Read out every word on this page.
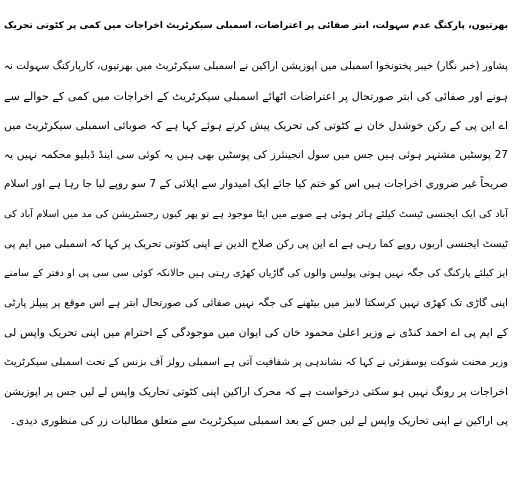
بھرتیوں، پارکنگ عدم سہولت، ابتر صفائی پر اعتراضات، اسمبلی سیکرٹریٹ اخراجات میں کمی پر کٹوتی تحریک
پشاور (خبر نگار) خیبر پختونخوا اسمبلی میں اپوزیشن اراکین نے اسمبلی سیکرٹریٹ میں بھرتیوں، کارپارکنگ سہولت نہ
ہونے اور صفائی کی ابتر صورتحال پر اعتراضات اٹھائے اسمبلی سیکرٹریٹ کے اخراجات میں کمی کے حوالے سے
اے این پی کے رکن خوشدل خان نے کٹوتی کی تحریک پیش کرتے ہوئے کہا ہے کہ صوبائی اسمبلی سیکرٹریٹ میں
27 پوسٹیں مشتہر ہوئی ہیں جس میں سول انجینئرز کی پوسٹیں بھی ہیں یہ کوئی سی اینڈ ڈبلیو محکمہ نہیں یہ
صریحاً غیر ضروری اخراجات ہیں اس کو ختم کیا جائے ایک امیدوار سے اپلائی کے 7 سو روپے لیا جا رہا ہے اور اسلام
آباد کی ایک ایجنسی ٹیسٹ کیلئے ہائر ہوئی ہے صوبے میں ایٹا موجود ہے تو پھر کیوں رجسٹریشن کی مد میں اسلام آباد کی
ٹیسٹ ایجنسی اربوں روپے کما رہی ہے اے این پی رکن صلاح الدین نے اپنی کٹوتی تحریک پر کہا کہ اسمبلی میں ایم پی
ایز کیلئے پارکنگ کی جگہ نہیں ہوتی پولیس والوں کی گاڑیاں کھڑی رہتی ہیں حالانکہ کوئی سی سی پی او دفتر کے سامنے
اپنی گاڑی تک کھڑی نہیں کرسکتا لابیز میں بیٹھنے کی جگہ نہیں صفائی کی صورتحال ابتر ہے اس موقع پر پیپلز پارٹی
کے ایم پی اے احمد کنڈی نے وزیر اعلیٰ محمود خان کی ایوان میں موجودگی کے احترام میں اپنی تحریک واپس لی
وزیر محنت شوکت یوسفزئی نے کہا کہ نشاندہی پر شفافیت آتی ہے اسمبلی رولز آف بزنس کے تحت اسمبلی سیکرٹریٹ
اخراجات پر رونگ نہیں ہو سکتی درخواست ہے کہ محرک اراکین اپنی کٹوتی تحاریک واپس لے لیں جس پر اپوزیشن
پی اراکین نے اپنی تحاریک واپس لے لیں جس کے بعد اسمبلی سیکرٹریٹ سے متعلق مطالبات زر کی منظوری دیدی۔
